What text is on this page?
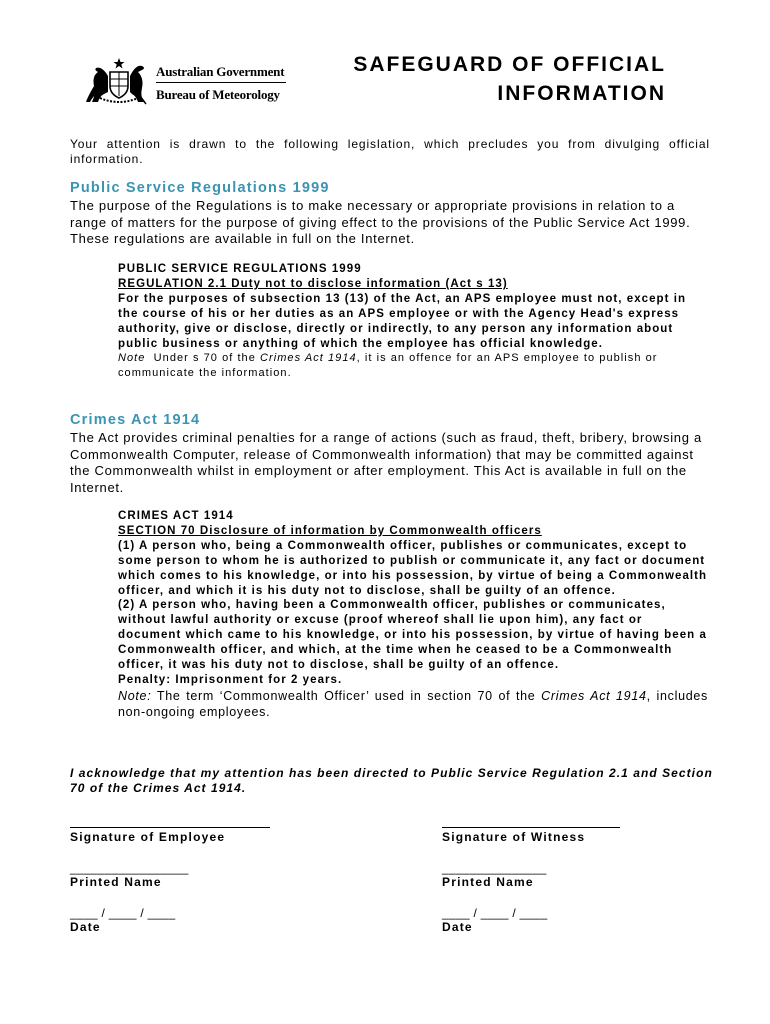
Australian Government
Bureau of Meteorology
SAFEGUARD OF OFFICIAL
INFORMATION
Your attention is drawn to the following legislation, which precludes you from divulging official information.
Public Service Regulations 1999
The purpose of the Regulations is to make necessary or appropriate provisions in relation to a range of matters for the purpose of giving effect to the provisions of the Public Service Act 1999. These regulations are available in full on the Internet.
PUBLIC SERVICE REGULATIONS 1999
REGULATION 2.1 Duty not to disclose information (Act s 13)
For the purposes of subsection 13 (13) of the Act, an APS employee must not, except in the course of his or her duties as an APS employee or with the Agency Head's express authority, give or disclose, directly or indirectly, to any person any information about public business or anything of which the employee has official knowledge.
Note Under s 70 of the Crimes Act 1914, it is an offence for an APS employee to publish or communicate the information.
Crimes Act 1914
The Act provides criminal penalties for a range of actions (such as fraud, theft, bribery, browsing a Commonwealth Computer, release of Commonwealth information) that may be committed against the Commonwealth whilst in employment or after employment. This Act is available in full on the Internet.
CRIMES ACT 1914
SECTION 70 Disclosure of information by Commonwealth officers
(1) A person who, being a Commonwealth officer, publishes or communicates, except to some person to whom he is authorized to publish or communicate it, any fact or document which comes to his knowledge, or into his possession, by virtue of being a Commonwealth officer, and which it is his duty not to disclose, shall be guilty of an offence.
(2) A person who, having been a Commonwealth officer, publishes or communicates, without lawful authority or excuse (proof whereof shall lie upon him), any fact or document which came to his knowledge, or into his possession, by virtue of having been a Commonwealth officer, and which, at the time when he ceased to be a Commonwealth officer, it was his duty not to disclose, shall be guilty of an offence.
Penalty: Imprisonment for 2 years.
Note: The term ‘Commonwealth Officer’ used in section 70 of the Crimes Act 1914, includes non-ongoing employees.
I acknowledge that my attention has been directed to Public Service Regulation 2.1 and Section 70 of the Crimes Act 1914.
Signature of Employee
_________________
Printed Name
____ / ____ / ____
Date
Signature of Witness
_______________
Printed Name
____ / ____ / ____
Date
